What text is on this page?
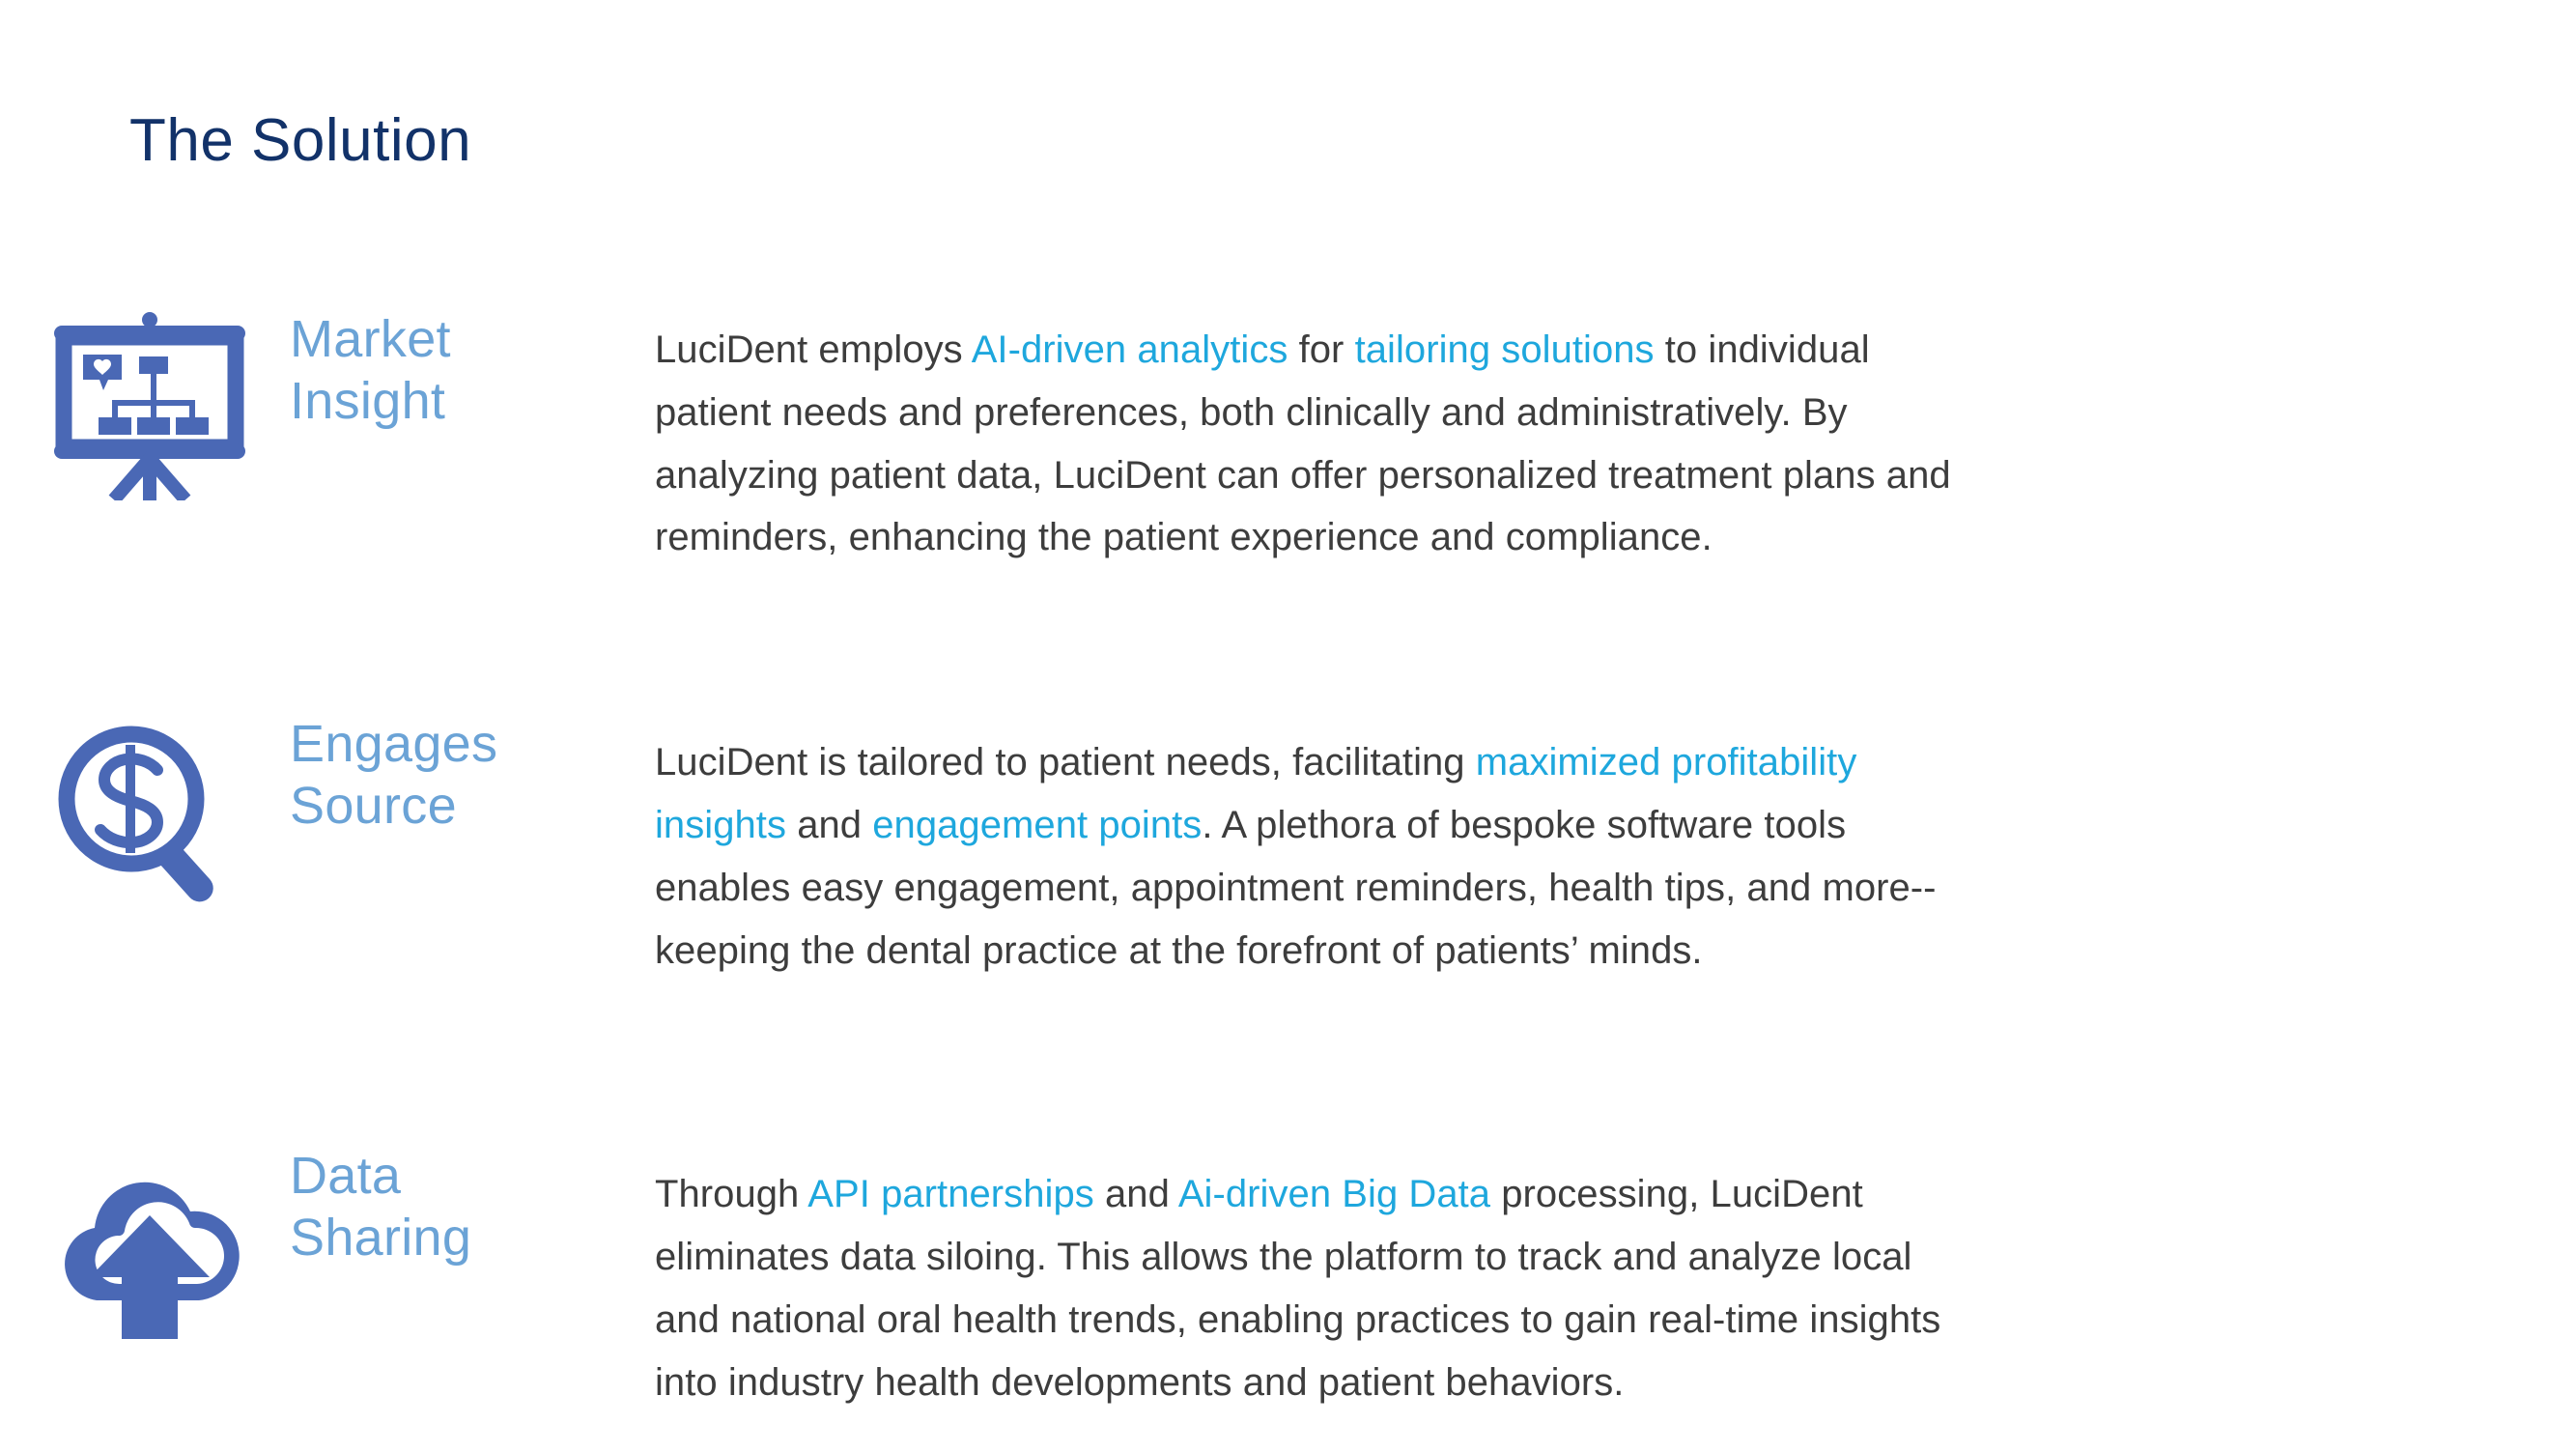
The Solution
Market
Insight

LuciDent employs AI-driven analytics for tailoring solutions to individual patient needs and preferences, both clinically and administratively. By analyzing patient data, LuciDent can offer personalized treatment plans and reminders, enhancing the patient experience and compliance.

Engages
Source

LuciDent is tailored to patient needs, facilitating maximized profitability insights and engagement points. A plethora of bespoke software tools enables easy engagement, appointment reminders, health tips, and more--keeping the dental practice at the forefront of patients’ minds.

Data
Sharing

Through API partnerships and Ai-driven Big Data processing, LuciDent eliminates data siloing. This allows the platform to track and analyze local and national oral health trends, enabling practices to gain real-time insights into industry health developments and patient behaviors.
